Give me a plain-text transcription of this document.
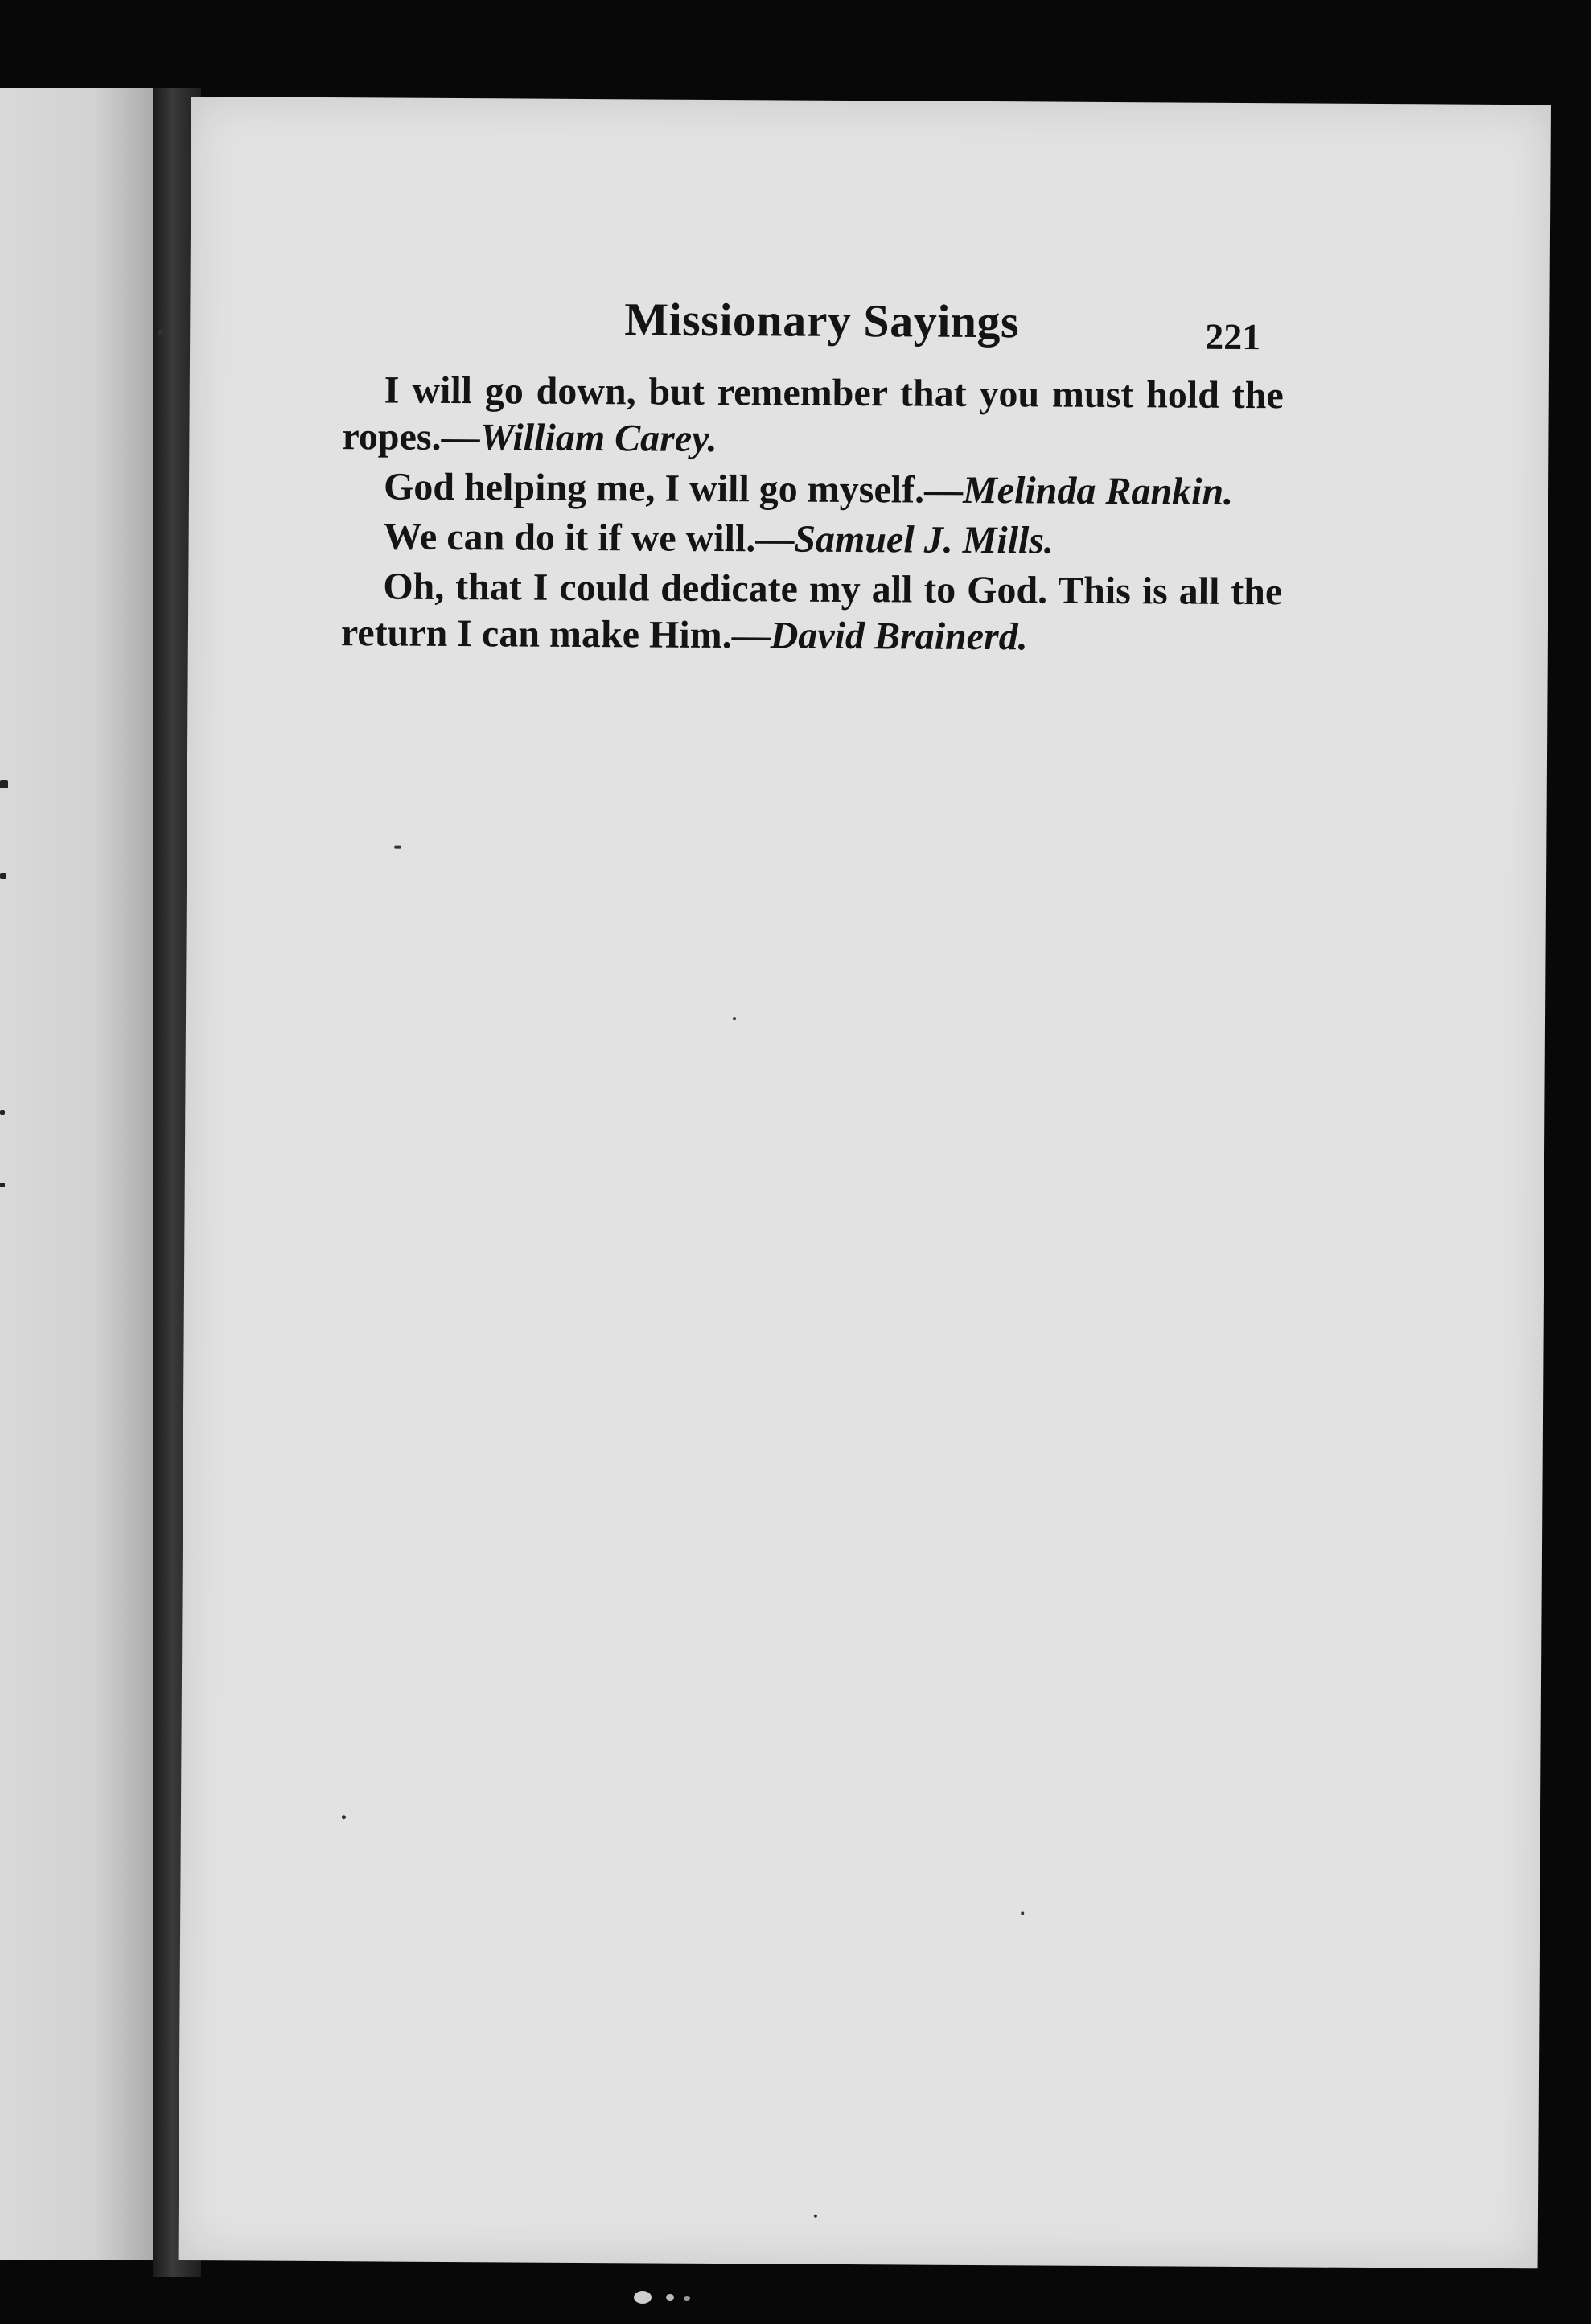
Missionary Sayings	221

I will go down, but remember that you must hold the ropes.—William Carey.

God helping me, I will go myself.—Melinda Rankin.

We can do it if we will.—Samuel J. Mills.

Oh, that I could dedicate my all to God. This is all the return I can make Him.—David Brainerd.
